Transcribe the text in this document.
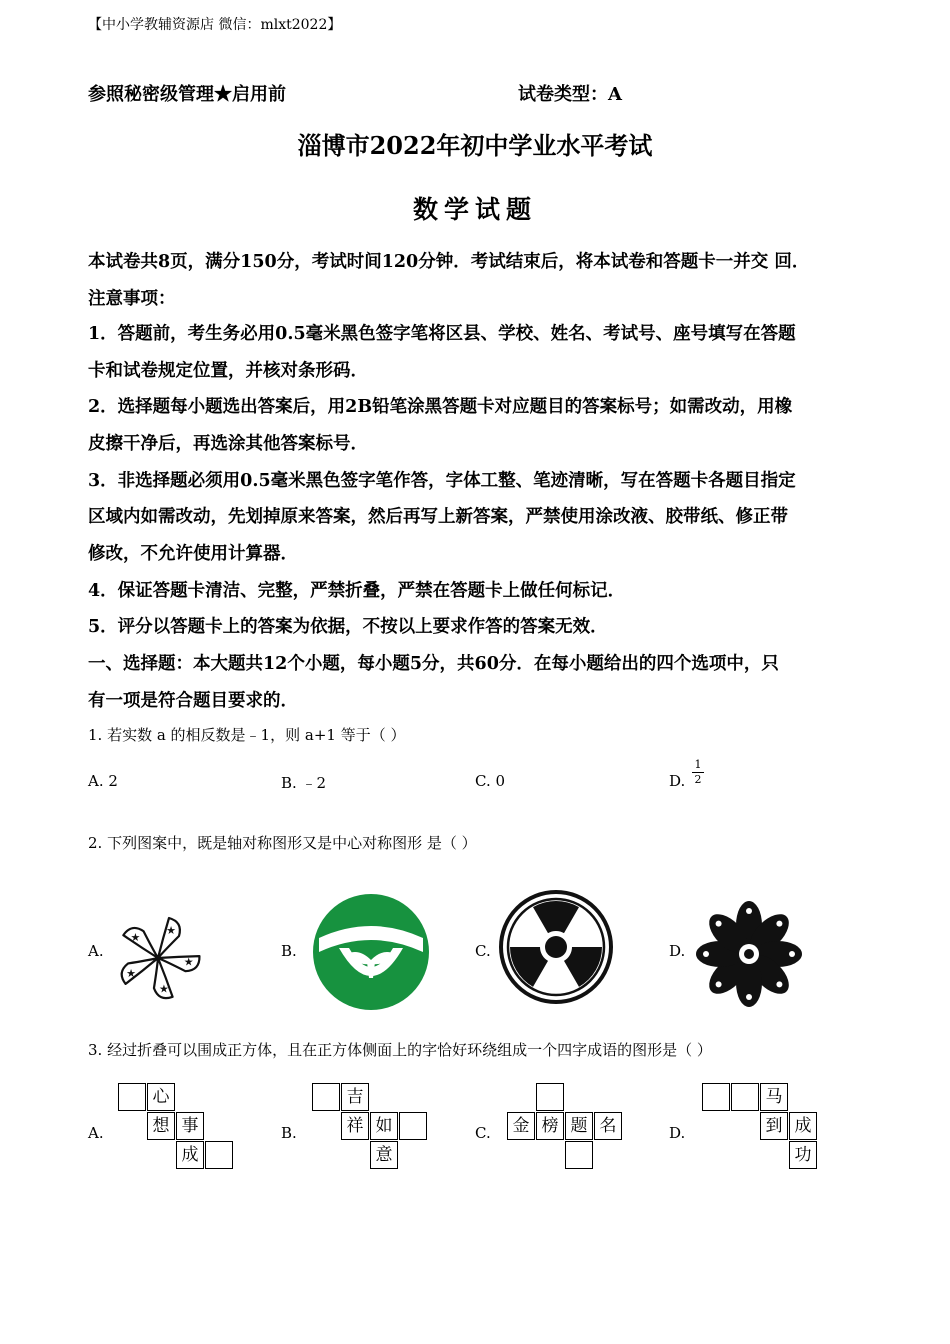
【中小学教辅资源店 微信：mlxt2022】
参照秘密级管理★启用前	试卷类型：A
淄博市2022年初中学业水平考试
数学试题
本试卷共8页，满分150分，考试时间120分钟．考试结束后，将本试卷和答题卡一并交 回．
注意事项：
1．答题前，考生务必用0.5毫米黑色签字笔将区县、学校、姓名、考试号、座号填写在答题
卡和试卷规定位置，并核对条形码．
2．选择题每小题选出答案后，用2B铅笔涂黑答题卡对应题目的答案标号；如需改动，用橡
皮擦干净后，再选涂其他答案标号．
3．非选择题必须用0.5毫米黑色签字笔作答，字体工整、笔迹清晰，写在答题卡各题目指定
区域内如需改动，先划掉原来答案，然后再写上新答案，严禁使用涂改液、胶带纸、修正带
修改，不允许使用计算器．
4．保证答题卡清洁、完整，严禁折叠，严禁在答题卡上做任何标记．
5．评分以答题卡上的答案为依据，不按以上要求作答的答案无效．
一、选择题：本大题共12个小题，每小题5分，共60分．在每小题给出的四个选项中，只
有一项是符合题目要求的．
1. 若实数 a 的相反数是﹣1，则 a+1 等于（ ）
A. 2	B. ﹣2	C. 0	D.
1
2
2. 下列图案中，既是轴对称图形又是中心对称图形 是（ ）
A.	B.	C.	D.
★
★
★
★
★
3. 经过折叠可以围成正方体，且在正方体侧面上的字恰好环绕组成一个四字成语的图形是（ ）
A.	B.	C.	D.
心
想 事
成
吉
祥 如
意
金 榜 题 名
马
到 成
功
